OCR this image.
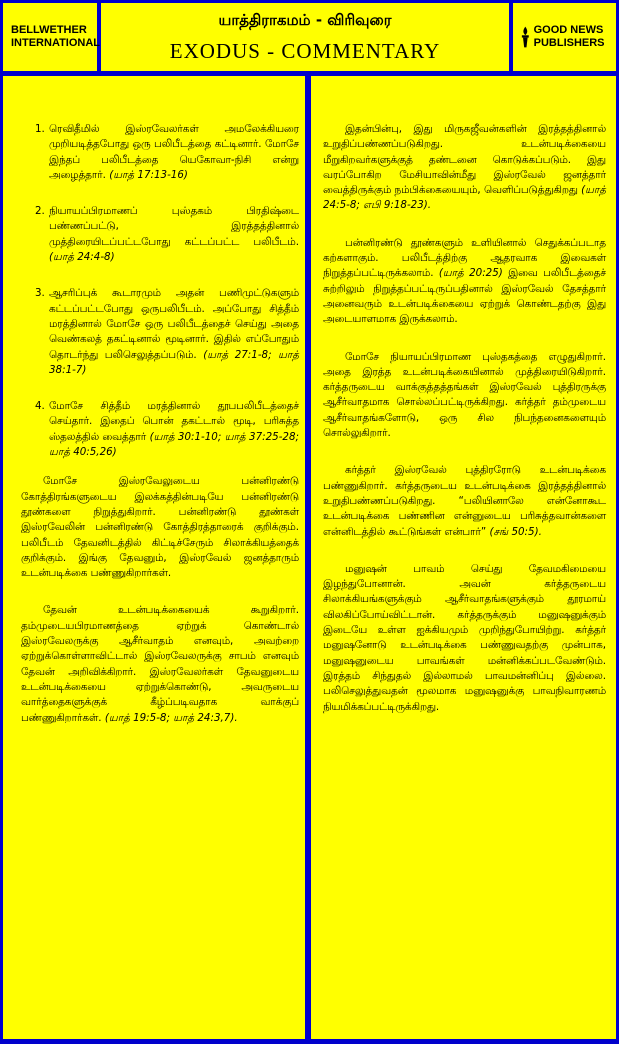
BELLWETHER INTERNATIONAL
யாத்திராகமம் - விரிவுரை
EXODUS - COMMENTARY
GOOD NEWS PUBLISHERS
1. ரெவிதீமில் இஸ்ரவேலர்கள் அமலேக்கியரை முறியடித்தபோது ஒரு பலிபீடத்தை கட்டினார். மோசே இந்தப் பலிபீடத்தை யெகோவா-நிசி என்று அழைத்தார். (யாத் 17:13-16)

2. நியாயப்பிரமாணப் புஸ்தகம் பிரதிஷ்டை பண்ணப்பட்டு, இரத்தத்தினால் முத்திரையிடப்பட்டபோது கட்டப்பட்ட பலிபீடம். (யாத் 24:4-8)

3. ஆசரிப்புக் கூடாரமும் அதன் பணிமுட்டுகளும் கட்டப்பட்டபோது ஒருபலிபீடம். அப்போது சித்தீம் மரத்தினால் மோசே ஒரு பலிபீடத்தைச் செய்து அதை வெண்கலத் தகட்டினால் மூடினார். இதில் எப்போதும் தொடர்ந்து பலிசெலுத்தப்படும். (யாத் 27:1-8; யாத் 38:1-7)

4. மோசே சித்தீம் மரத்தினால் தூபபலிபீடத்தைச் செய்தார். இதைப் பொன் தகட்டால் மூடி, பரிசுத்த ஸ்தலத்தில் வைத்தார் (யாத் 30:1-10; யாத் 37:25-28; யாத் 40:5,26)

மோசே இஸ்ரவேலுடைய பன்னிரண்டு கோத்திரங்களுடைய இலக்கத்தின்படியே பன்னிரண்டு தூண்களை நிறுத்துகிறார். பன்னிரண்டு தூண்கள் இஸ்ரவேலின் பன்னிரண்டு கோத்திரத்தாரைக் குறிக்கும். பலிபீடம் தேவனிடத்தில் கிட்டிச்சேரும் சிலாக்கியத்தைக் குறிக்கும். இங்கு தேவனும், இஸ்ரவேல் ஜனத்தாரும் உடன்படிக்கை பண்ணுகிறார்கள்.

தேவன் உடன்படிக்கையைக் கூறுகிறார். தம்முடையபிரமாணத்தை ஏற்றுக் கொண்டால் இஸ்ரவேலருக்கு ஆசீர்வாதம் எனவும், அவற்றை ஏற்றுக்கொள்ளாவிட்டால் இஸ்ரவேலருக்கு சாபம் எனவும் தேவன் அறிவிக்கிறார். இஸ்ரவேலர்கள் தேவனுடைய உடன்படிக்கையை ஏற்றுக்கொண்டு, அவருடைய வார்த்தைகளுக்குக் கீழ்ப்படிவதாக வாக்குப் பண்ணுகிறார்கள். (யாத் 19:5-8; யாத் 24:3,7).

இதன்பின்பு, இது மிருகஜீவன்களின் இரத்தத்தினால் உறுதிப்பண்ணப்படுகிறது. உடன்படிக்கையை மீறுகிறவர்களுக்குத் தண்டனை கொடுக்கப்படும். இது வரப்போகிற மேசியாவின்மீது இஸ்ரவேல் ஜனத்தார் வைத்திருக்கும் நம்பிக்கையையும், வெளிப்படுத்துகிறது (யாத் 24:5-8; எபி 9:18-23).

பன்னிரண்டு தூண்களும் உளியினால் செதுக்கப்படாத கற்களாகும். பலிபீடத்திற்கு ஆதரவாக இவைகள் நிறுத்தப்பட்டிருக்கலாம். (யாத் 20:25) இவை பலிபீடத்தைச் சுற்றிலும் நிறுத்தப்பட்டிருப்பதினால் இஸ்ரவேல் தேசத்தார் அனைவரும் உடன்படிக்கையை ஏற்றுக் கொண்டதற்கு இது அடையாளமாக இருக்கலாம்.

மோசே நியாயப்பிரமாண புஸ்தகத்தை எழுதுகிறார். அதை இரத்த உடன்படிக்கையினால் முத்திரையிடுகிறார். கர்த்தருடைய வாக்குத்தத்தங்கள் இஸ்ரவேல் புத்திரருக்கு ஆசீர்வாதமாக சொல்லப்பட்டிருக்கிறது. கர்த்தர் தம்முடைய ஆசீர்வாதங்களோடு, ஒரு சில நிபந்தனைகளையும் சொல்லுகிறார்.

கர்த்தர் இஸ்ரவேல் புத்திரரோடு உடன்படிக்கை பண்ணுகிறார். கர்த்தருடைய உடன்படிக்கை இரத்தத்தினால் உறுதிபண்ணப்படுகிறது. “பலியினாலே என்னோகூட உடன்படிக்கை பண்ணின என்னுடைய பரிசுத்தவான்களை என்னிடத்தில் கூட்டுங்கள் என்பார்” (சங் 50:5).

மனுஷன் பாவம் செய்து தேவமகிமையை இழந்துபோனான். அவன் கர்த்தருடைய சிலாக்கியங்களுக்கும் ஆசீர்வாதங்களுக்கும் தூரமாய் விலகிப்போய்விட்டான். கர்த்தருக்கும் மனுஷனுக்கும் இடையே உள்ள ஐக்கியமும் முறிந்துபோயிற்று. கர்த்தர் மனுஷனோடு உடன்படிக்கை பண்ணுவதற்கு முன்பாக, மனுஷனுடைய பாவங்கள் மன்னிக்கப்படவேண்டும். இரத்தம் சிந்துதல் இல்லாமல் பாவமன்னிப்பு இல்லை. பலிசெலுத்துவதன் மூலமாக மனுஷனுக்கு பாவநிவாரணம் நியமிக்கப்பட்டிருக்கிறது.
